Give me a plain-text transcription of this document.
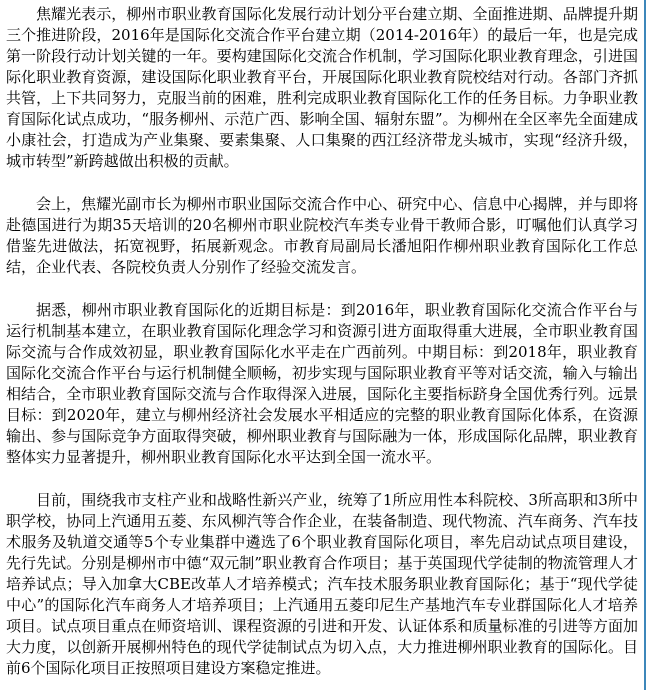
焦耀光表示，柳州市职业教育国际化发展行动计划分平台建立期、全面推进期、品牌提升期三个推进阶段，2016年是国际化交流合作平台建立期（2014-2016年）的最后一年，也是完成第一阶段行动计划关键的一年。要构建国际化交流合作机制，学习国际化职业教育理念，引进国际化职业教育资源，建设国际化职业教育平台，开展国际化职业教育院校结对行动。各部门齐抓共管，上下共同努力，克服当前的困难，胜利完成职业教育国际化工作的任务目标。力争职业教育国际化试点成功，“服务柳州、示范广西、影响全国、辐射东盟”。为柳州在全区率先全面建成小康社会，打造成为产业集聚、要素集聚、人口集聚的西江经济带龙头城市，实现“经济升级，城市转型”新跨越做出积极的贡献。

会上，焦耀光副市长为柳州市职业国际交流合作中心、研究中心、信息中心揭牌，并与即将赴德国进行为期35天培训的20名柳州市职业院校汽车类专业骨干教师合影，叮嘱他们认真学习借鉴先进做法，拓宽视野，拓展新观念。市教育局副局长潘旭阳作柳州职业教育国际化工作总结，企业代表、各院校负责人分别作了经验交流发言。

据悉，柳州市职业教育国际化的近期目标是：到2016年，职业教育国际化交流合作平台与运行机制基本建立，在职业教育国际化理念学习和资源引进方面取得重大进展，全市职业教育国际交流与合作成效初显，职业教育国际化水平走在广西前列。中期目标：到2018年，职业教育国际化交流合作平台与运行机制健全顺畅，初步实现与国际职业教育平等对话交流，输入与输出相结合，全市职业教育国际交流与合作取得深入进展，国际化主要指标跻身全国优秀行列。远景目标：到2020年，建立与柳州经济社会发展水平相适应的完整的职业教育国际化体系，在资源输出、参与国际竞争方面取得突破，柳州职业教育与国际融为一体，形成国际化品牌，职业教育整体实力显著提升，柳州职业教育国际化水平达到全国一流水平。

目前，围绕我市支柱产业和战略性新兴产业，统筹了1所应用性本科院校、3所高职和3所中职学校，协同上汽通用五菱、东风柳汽等合作企业，在装备制造、现代物流、汽车商务、汽车技术服务及轨道交通等5个专业集群中遴选了6个职业教育国际化项目，率先启动试点项目建设，先行先试。分别是柳州市中德“双元制”职业教育合作项目；基于英国现代学徒制的物流管理人才培养试点；导入加拿大CBE改革人才培养模式；汽车技术服务职业教育国际化；基于“现代学徒中心”的国际化汽车商务人才培养项目；上汽通用五菱印尼生产基地汽车专业群国际化人才培养项目。试点项目重点在师资培训、课程资源的引进和开发、认证体系和质量标准的引进等方面加大力度，以创新开展柳州特色的现代学徒制试点为切入点，大力推进柳州职业教育的国际化。目前6个国际化项目正按照项目建设方案稳定推进。
